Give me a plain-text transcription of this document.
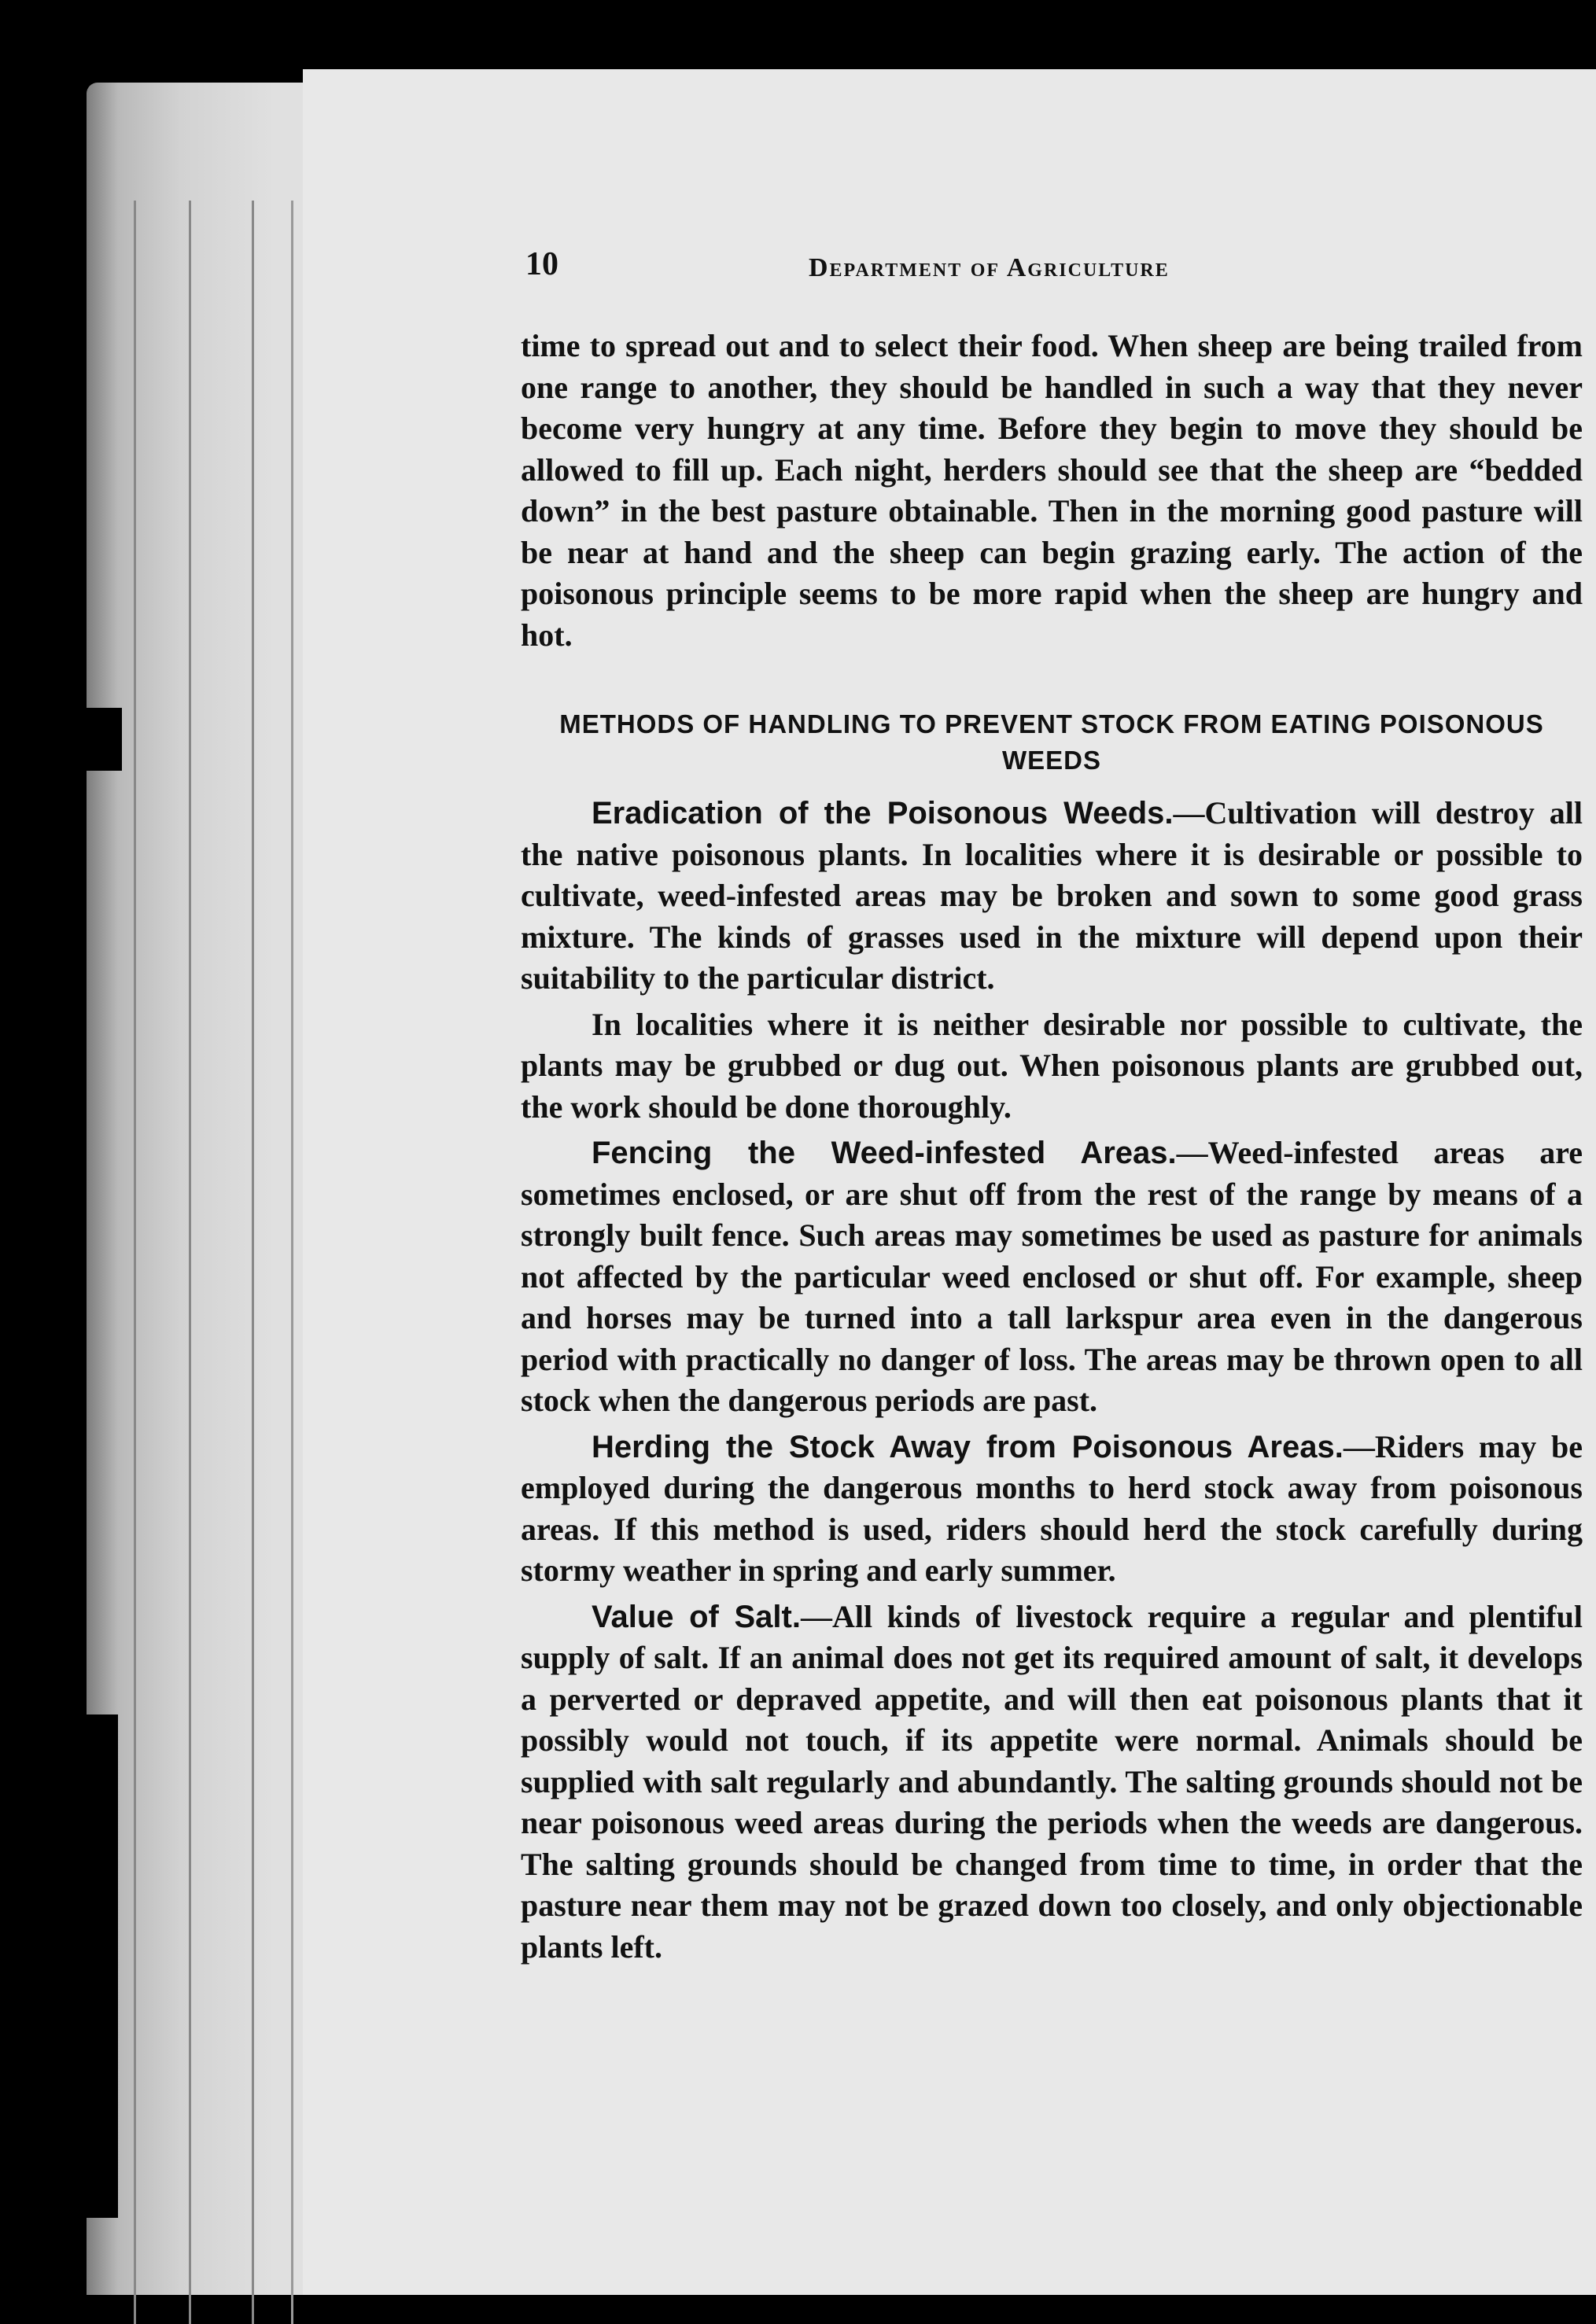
10	Department of Agriculture

time to spread out and to select their food. When sheep are being trailed from one range to another, they should be handled in such a way that they never become very hungry at any time. Before they begin to move they should be allowed to fill up. Each night, herders should see that the sheep are “bedded down” in the best pasture obtainable. Then in the morning good pasture will be near at hand and the sheep can begin grazing early. The action of the poisonous principle seems to be more rapid when the sheep are hungry and hot.

METHODS OF HANDLING TO PREVENT STOCK FROM EATING POISONOUS WEEDS

Eradication of the Poisonous Weeds.—Cultivation will destroy all the native poisonous plants. In localities where it is desirable or possible to cultivate, weed-infested areas may be broken and sown to some good grass mixture. The kinds of grasses used in the mixture will depend upon their suitability to the particular district.

In localities where it is neither desirable nor possible to cultivate, the plants may be grubbed or dug out. When poisonous plants are grubbed out, the work should be done thoroughly.

Fencing the Weed-infested Areas.—Weed-infested areas are sometimes enclosed, or are shut off from the rest of the range by means of a strongly built fence. Such areas may sometimes be used as pasture for animals not affected by the particular weed enclosed or shut off. For example, sheep and horses may be turned into a tall larkspur area even in the dangerous period with practically no danger of loss. The areas may be thrown open to all stock when the dangerous periods are past.

Herding the Stock Away from Poisonous Areas.—Riders may be employed during the dangerous months to herd stock away from poisonous areas. If this method is used, riders should herd the stock carefully during stormy weather in spring and early summer.

Value of Salt.—All kinds of livestock require a regular and plentiful supply of salt. If an animal does not get its required amount of salt, it develops a perverted or depraved appetite, and will then eat poisonous plants that it possibly would not touch, if its appetite were normal. Animals should be supplied with salt regularly and abundantly. The salting grounds should not be near poisonous weed areas during the periods when the weeds are dangerous. The salting grounds should be changed from time to time, in order that the pasture near them may not be grazed down too closely, and only objectionable plants left.
